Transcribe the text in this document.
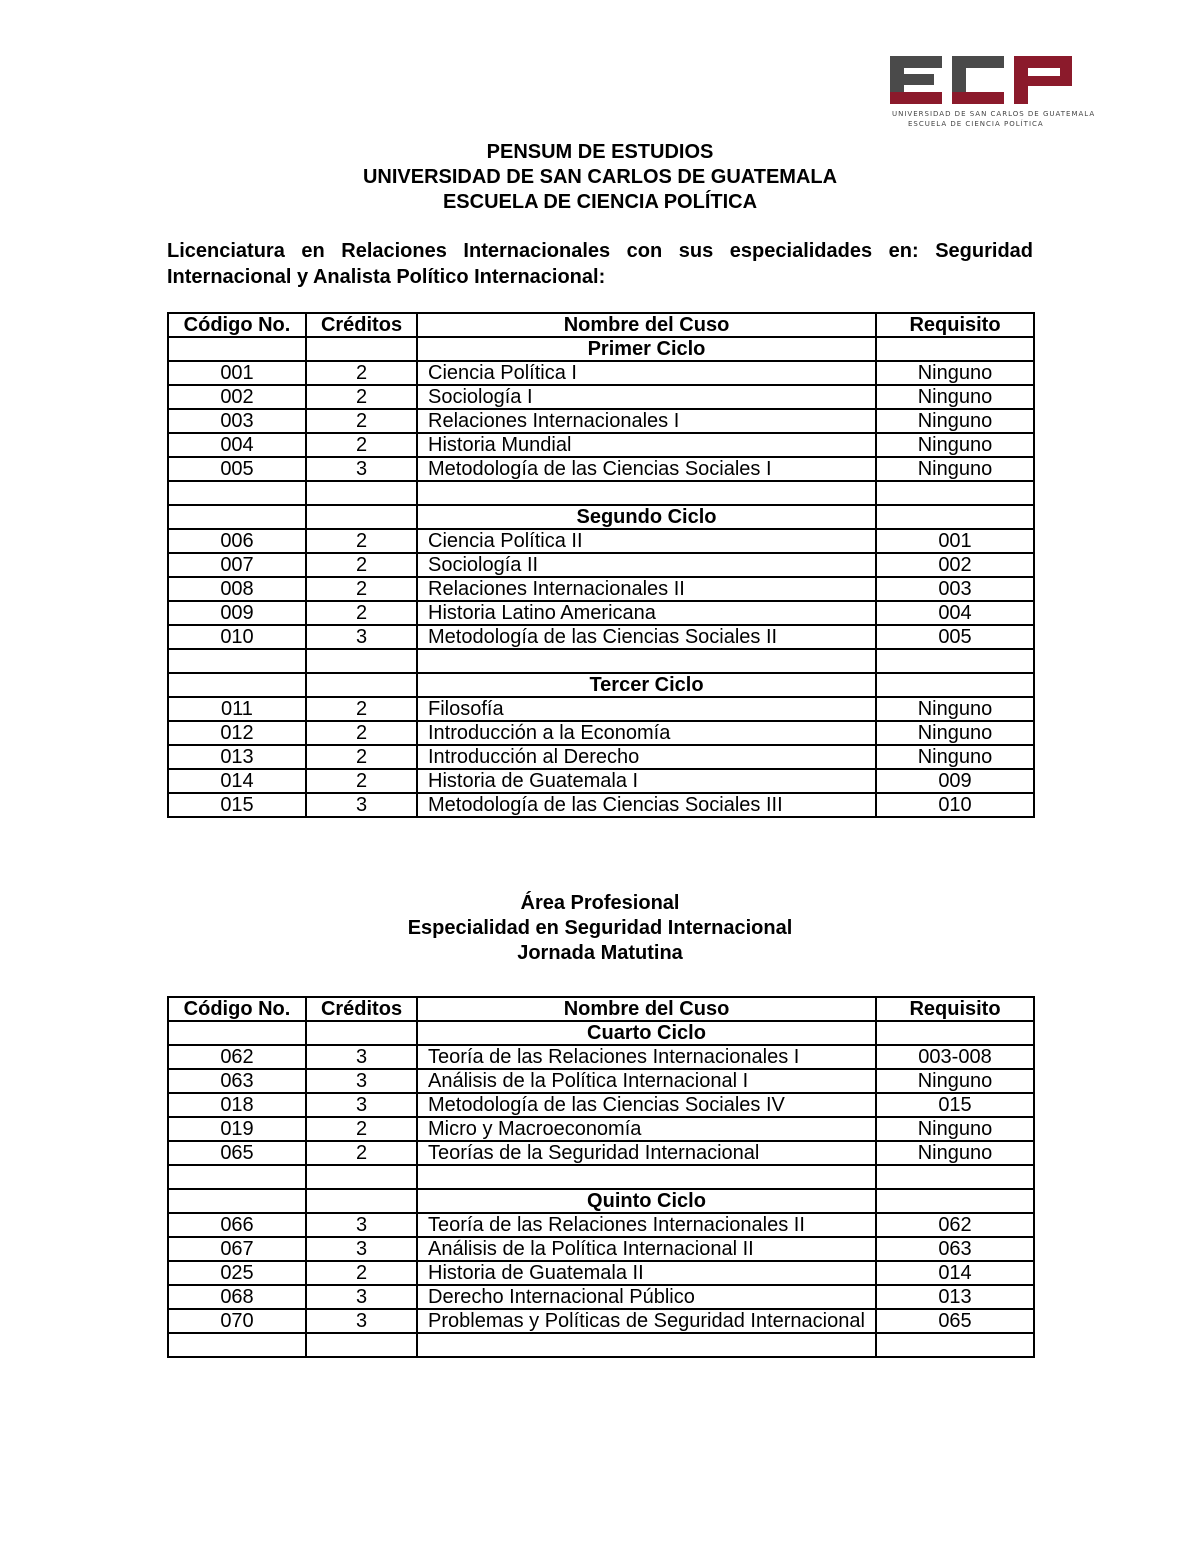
UNIVERSIDAD DE SAN CARLOS DE GUATEMALA
ESCUELA DE CIENCIA POLÍTICA
PENSUM DE ESTUDIOS
UNIVERSIDAD DE SAN CARLOS DE GUATEMALA
ESCUELA DE CIENCIA POLÍTICA
Licenciatura en Relaciones Internacionales con sus especialidades en: Seguridad Internacional y Analista Político Internacional:
Código No.	Créditos	Nombre del Cuso	Requisito
		Primer Ciclo	
001	2	Ciencia Política I	Ninguno
002	2	Sociología I	Ninguno
003	2	Relaciones Internacionales I	Ninguno
004	2	Historia Mundial	Ninguno
005	3	Metodología de las Ciencias Sociales I	Ninguno

		Segundo Ciclo	
006	2	Ciencia Política II	001
007	2	Sociología II	002
008	2	Relaciones Internacionales II	003
009	2	Historia Latino Americana	004
010	3	Metodología de las Ciencias Sociales II	005

		Tercer Ciclo	
011	2	Filosofía	Ninguno
012	2	Introducción a la Economía	Ninguno
013	2	Introducción al Derecho	Ninguno
014	2	Historia de Guatemala I	009
015	3	Metodología de las Ciencias Sociales III	010
Área Profesional
Especialidad en Seguridad Internacional
Jornada Matutina
Código No.	Créditos	Nombre del Cuso	Requisito
		Cuarto Ciclo	
062	3	Teoría de las Relaciones Internacionales I	003-008
063	3	Análisis de la Política Internacional I	Ninguno
018	3	Metodología de las Ciencias Sociales IV	015
019	2	Micro y Macroeconomía	Ninguno
065	2	Teorías de la Seguridad Internacional	Ninguno

		Quinto Ciclo	
066	3	Teoría de las Relaciones Internacionales II	062
067	3	Análisis de la Política Internacional II	063
025	2	Historia de Guatemala II	014
068	3	Derecho Internacional Público	013
070	3	Problemas y Políticas de Seguridad Internacional	065
